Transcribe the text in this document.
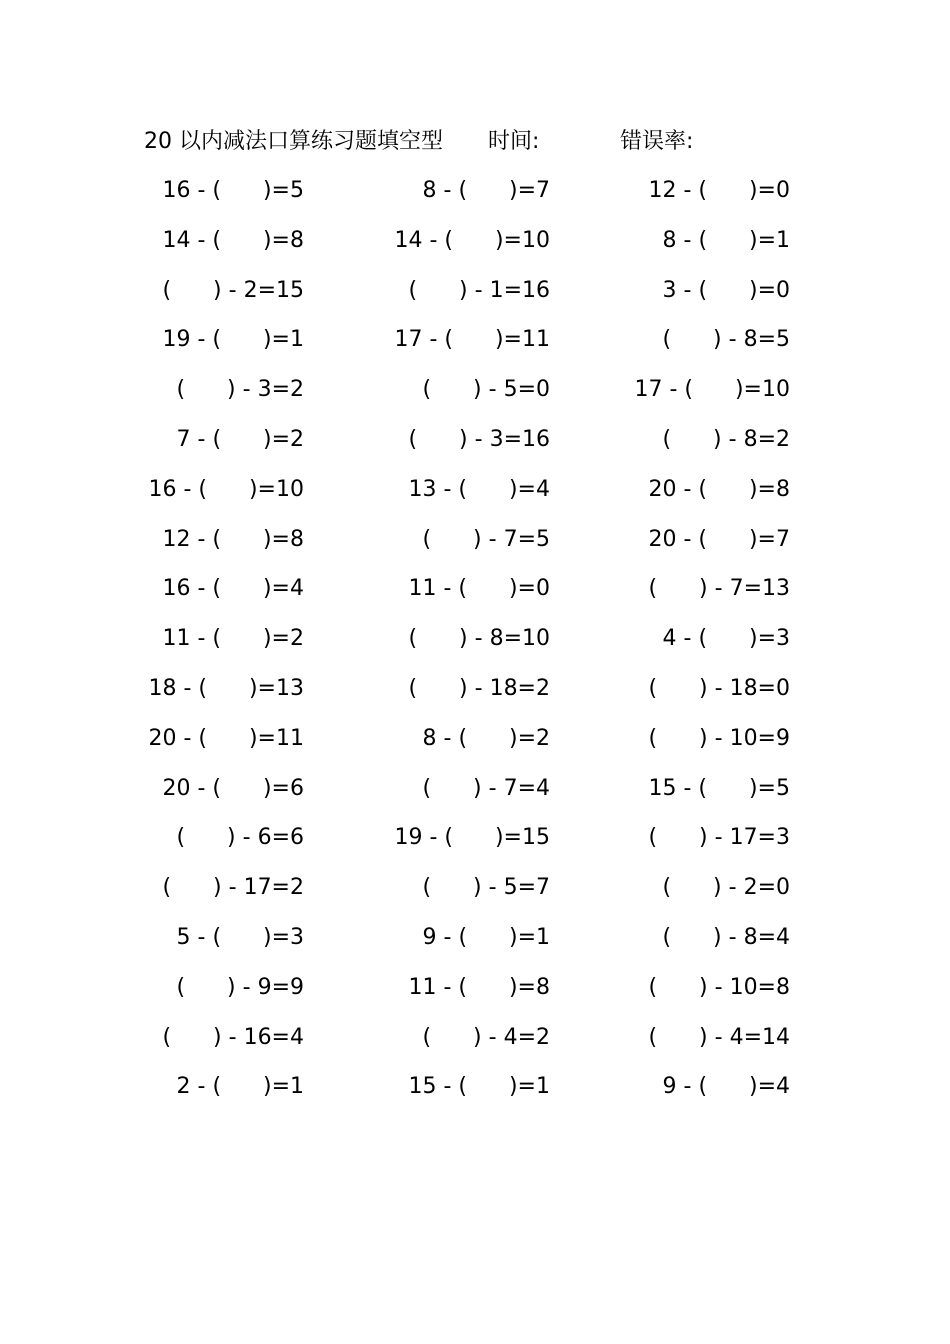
20 以内减法口算练习题填空型 时间:	错误率:
16 - (      )=5	8 - (      )=7	12 - (      )=0
14 - (      )=8	14 - (      )=10	8 - (      )=1
(      ) - 2=15	(      ) - 1=16	3 - (      )=0
19 - (      )=1	17 - (      )=11	(      ) - 8=5
(      ) - 3=2	(      ) - 5=0	17 - (      )=10
7 - (      )=2	(      ) - 3=16	(      ) - 8=2
16 - (      )=10	13 - (      )=4	20 - (      )=8
12 - (      )=8	(      ) - 7=5	20 - (      )=7
16 - (      )=4	11 - (      )=0	(      ) - 7=13
11 - (      )=2	(      ) - 8=10	4 - (      )=3
18 - (      )=13	(      ) - 18=2	(      ) - 18=0
20 - (      )=11	8 - (      )=2	(      ) - 10=9
20 - (      )=6	(      ) - 7=4	15 - (      )=5
(      ) - 6=6	19 - (      )=15	(      ) - 17=3
(      ) - 17=2	(      ) - 5=7	(      ) - 2=0
5 - (      )=3	9 - (      )=1	(      ) - 8=4
(      ) - 9=9	11 - (      )=8	(      ) - 10=8
(      ) - 16=4	(      ) - 4=2	(      ) - 4=14
2 - (      )=1	15 - (      )=1	9 - (      )=4
